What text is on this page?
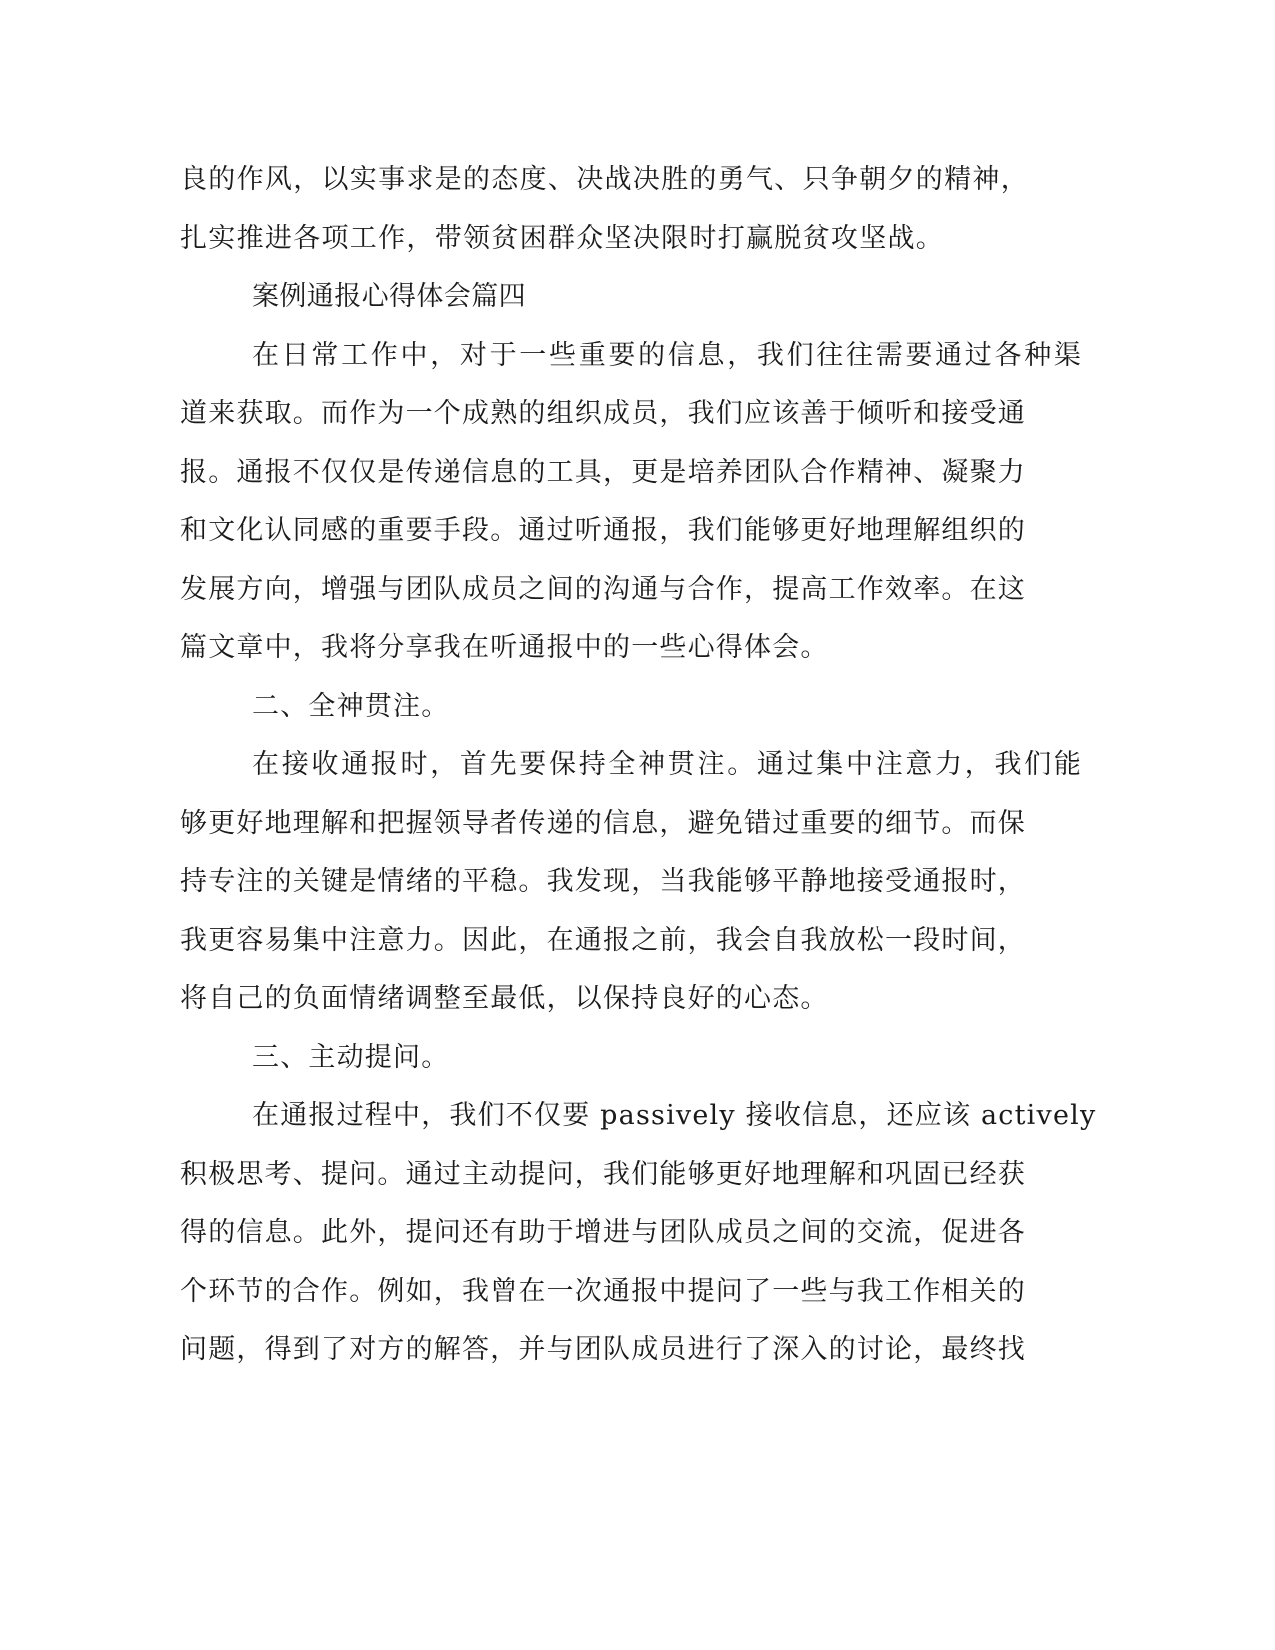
良的作风，以实事求是的态度、决战决胜的勇气、只争朝夕的精神，
扎实推进各项工作，带领贫困群众坚决限时打赢脱贫攻坚战。
案例通报心得体会篇四
在日常工作中，对于一些重要的信息，我们往往需要通过各种渠
道来获取。而作为一个成熟的组织成员，我们应该善于倾听和接受通
报。通报不仅仅是传递信息的工具，更是培养团队合作精神、凝聚力
和文化认同感的重要手段。通过听通报，我们能够更好地理解组织的
发展方向，增强与团队成员之间的沟通与合作，提高工作效率。在这
篇文章中，我将分享我在听通报中的一些心得体会。
二、全神贯注。
在接收通报时，首先要保持全神贯注。通过集中注意力，我们能
够更好地理解和把握领导者传递的信息，避免错过重要的细节。而保
持专注的关键是情绪的平稳。我发现，当我能够平静地接受通报时，
我更容易集中注意力。因此，在通报之前，我会自我放松一段时间，
将自己的负面情绪调整至最低，以保持良好的心态。
三、主动提问。
在通报过程中，我们不仅要 passively 接收信息，还应该 actively
积极思考、提问。通过主动提问，我们能够更好地理解和巩固已经获
得的信息。此外，提问还有助于增进与团队成员之间的交流，促进各
个环节的合作。例如，我曾在一次通报中提问了一些与我工作相关的
问题，得到了对方的解答，并与团队成员进行了深入的讨论，最终找
